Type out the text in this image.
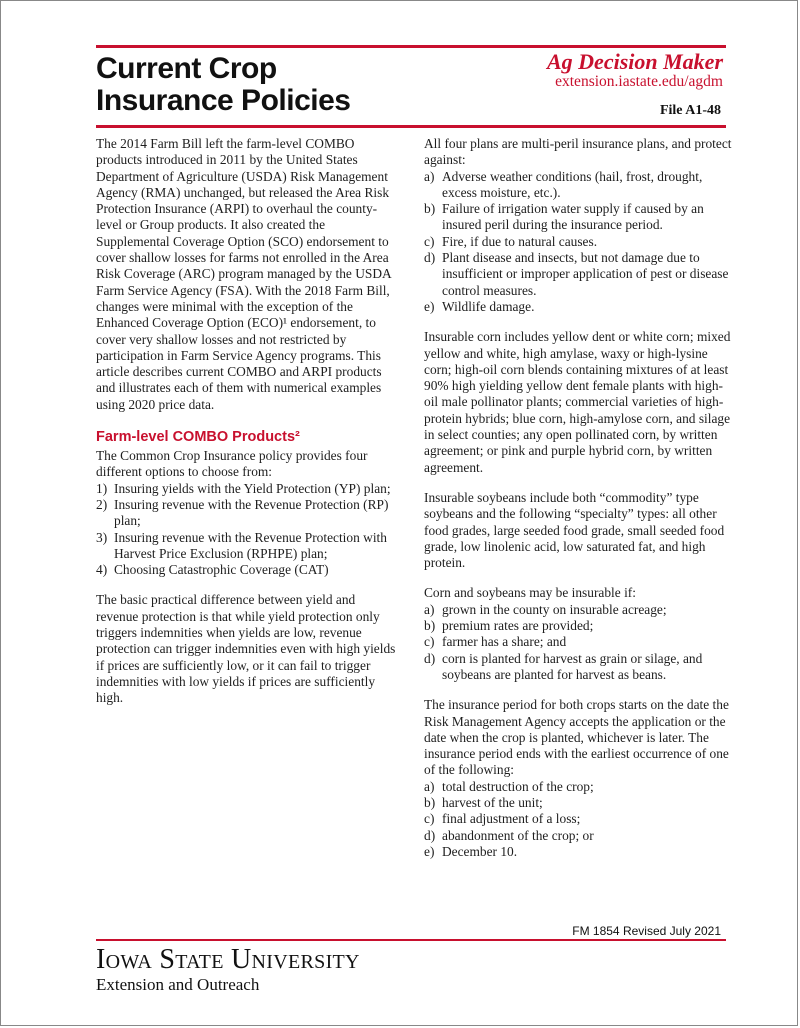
Current Crop
Insurance Policies
Ag Decision Maker
extension.iastate.edu/agdm
File A1-48

The 2014 Farm Bill left the farm-level COMBO products introduced in 2011 by the United States Department of Agriculture (USDA) Risk Management Agency (RMA) unchanged, but released the Area Risk Protection Insurance (ARPI) to overhaul the county-level or Group products. It also created the Supplemental Coverage Option (SCO) endorsement to cover shallow losses for farms not enrolled in the Area Risk Coverage (ARC) program managed by the USDA Farm Service Agency (FSA). With the 2018 Farm Bill, changes were minimal with the exception of the Enhanced Coverage Option (ECO)¹ endorsement, to cover very shallow losses and not restricted by participation in Farm Service Agency programs. This article describes current COMBO and ARPI products and illustrates each of them with numerical examples using 2020 price data.

Farm-level COMBO Products²

The Common Crop Insurance policy provides four different options to choose from:

1) Insuring yields with the Yield Protection (YP) plan;
2) Insuring revenue with the Revenue Protection (RP) plan;
3) Insuring revenue with the Revenue Protection with Harvest Price Exclusion (RPHPE) plan;
4) Choosing Catastrophic Coverage (CAT)

The basic practical difference between yield and revenue protection is that while yield protection only triggers indemnities when yields are low, revenue protection can trigger indemnities even with high yields if prices are sufficiently low, or it can fail to trigger indemnities with low yields if prices are sufficiently high.

All four plans are multi-peril insurance plans, and protect against:

a) Adverse weather conditions (hail, frost, drought, excess moisture, etc.).
b) Failure of irrigation water supply if caused by an insured peril during the insurance period.
c) Fire, if due to natural causes.
d) Plant disease and insects, but not damage due to insufficient or improper application of pest or disease control measures.
e) Wildlife damage.

Insurable corn includes yellow dent or white corn; mixed yellow and white, high amylase, waxy or high-lysine corn; high-oil corn blends containing mixtures of at least 90% high yielding yellow dent female plants with high-oil male pollinator plants; commercial varieties of high-protein hybrids; blue corn, high-amylose corn, and silage in select counties; any open pollinated corn, by written agreement; or pink and purple hybrid corn, by written agreement.

Insurable soybeans include both “commodity” type soybeans and the following “specialty” types: all other food grades, large seeded food grade, small seeded food grade, low linolenic acid, low saturated fat, and high protein.

Corn and soybeans may be insurable if:

a) grown in the county on insurable acreage;
b) premium rates are provided;
c) farmer has a share; and
d) corn is planted for harvest as grain or silage, and soybeans are planted for harvest as beans.

The insurance period for both crops starts on the date the Risk Management Agency accepts the application or the date when the crop is planted, whichever is later. The insurance period ends with the earliest occurrence of one of the following:

a) total destruction of the crop;
b) harvest of the unit;
c) final adjustment of a loss;
d) abandonment of the crop; or
e) December 10.
FM 1854 Revised July 2021
Iowa State University
Extension and Outreach
